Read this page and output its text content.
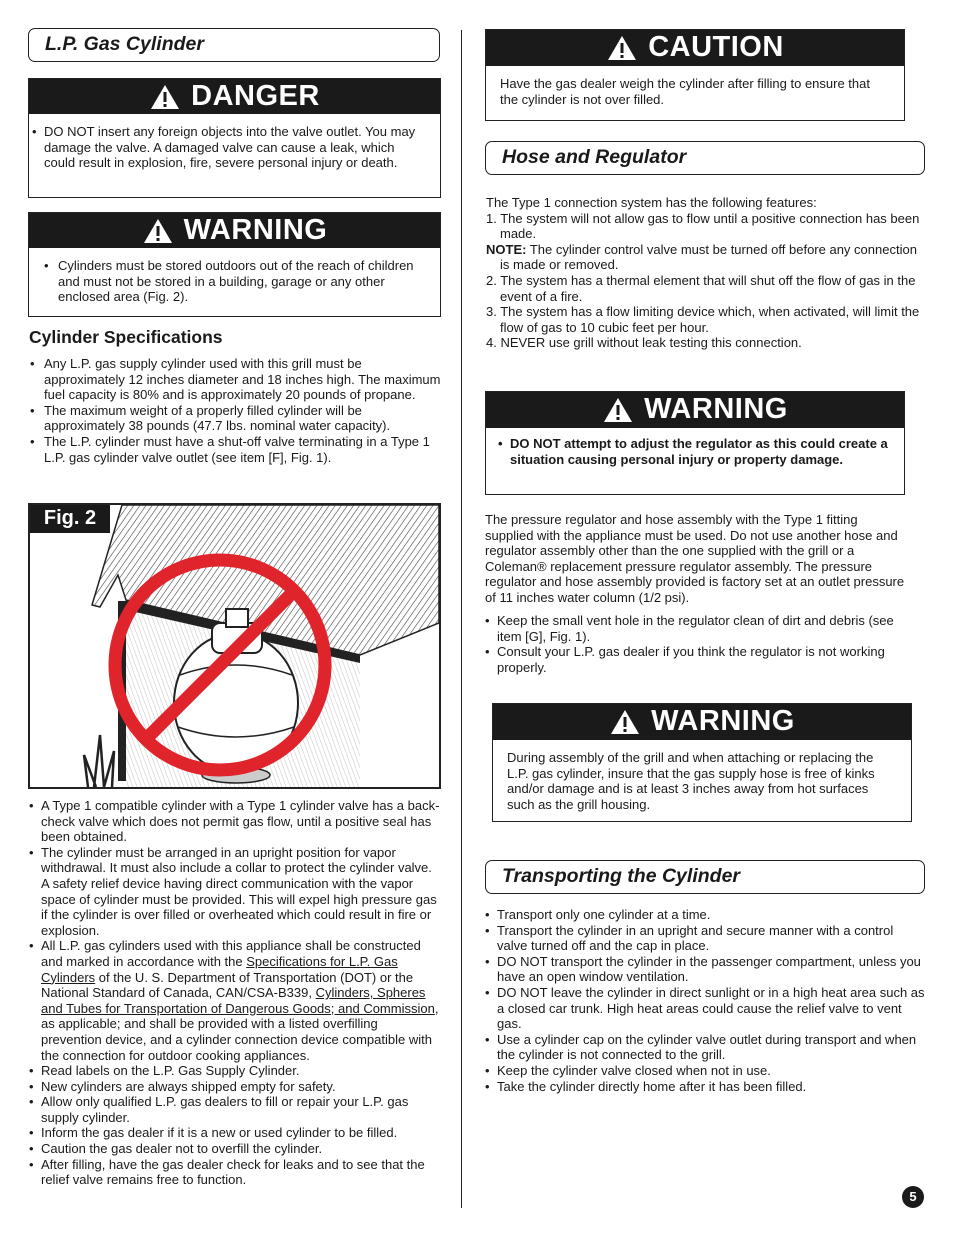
L.P. Gas Cylinder
DANGER
• DO NOT insert any foreign objects into the valve outlet. You may damage the valve. A damaged valve can cause a leak, which could result in explosion, fire, severe personal injury or death.
WARNING
• Cylinders must be stored outdoors out of the reach of children and must not be stored in a building, garage or any other enclosed area (Fig. 2).
Cylinder Specifications
• Any L.P. gas supply cylinder used with this grill must be approximately 12 inches diameter and 18 inches high. The maximum fuel capacity is 80% and is approximately 20 pounds of propane.
• The maximum weight of a properly filled cylinder will be approximately 38 pounds (47.7 lbs. nominal water capacity).
• The L.P. cylinder must have a shut-off valve terminating in a Type 1 L.P. gas cylinder valve outlet (see item [F], Fig. 1).
Fig. 2
• A Type 1 compatible cylinder with a Type 1 cylinder valve has a back-check valve which does not permit gas flow, until a positive seal has been obtained.
• The cylinder must be arranged in an upright position for vapor withdrawal. It must also include a collar to protect the cylinder valve. A safety relief device having direct communication with the vapor space of cylinder must be provided. This will expel high pressure gas if the cylinder is over filled or overheated which could result in fire or explosion.
• All L.P. gas cylinders used with this appliance shall be constructed and marked in accordance with the Specifications for L.P. Gas Cylinders of the U. S. Department of Transportation (DOT) or the National Standard of Canada, CAN/CSA-B339, Cylinders, Spheres and Tubes for Transportation of Dangerous Goods; and Commission, as applicable; and shall be provided with a listed overfilling prevention device, and a cylinder connection device compatible with the connection for outdoor cooking appliances.
• Read labels on the L.P. Gas Supply Cylinder.
• New cylinders are always shipped empty for safety.
• Allow only qualified L.P. gas dealers to fill or repair your L.P. gas supply cylinder.
• Inform the gas dealer if it is a new or used cylinder to be filled.
• Caution the gas dealer not to overfill the cylinder.
• After filling, have the gas dealer check for leaks and to see that the relief valve remains free to function.
CAUTION
Have the gas dealer weigh the cylinder after filling to ensure that the cylinder is not over filled.
Hose and Regulator

The Type 1 connection system has the following features:

1. The system will not allow gas to flow until a positive connection has been made.

NOTE: The cylinder control valve must be turned off before any connection is made or removed.

2. The system has a thermal element that will shut off the flow of gas in the event of a fire.

3. The system has a flow limiting device which, when activated, will limit the flow of gas to 10 cubic feet per hour.

4. NEVER use grill without leak testing this connection.

WARNING
• DO NOT attempt to adjust the regulator as this could create a situation causing personal injury or property damage.
The pressure regulator and hose assembly with the Type 1 fitting supplied with the appliance must be used. Do not use another hose and regulator assembly other than the one supplied with the grill or a Coleman® replacement pressure regulator assembly. The pressure regulator and hose assembly provided is factory set at an outlet pressure of 11 inches water column (1/2 psi).
• Keep the small vent hole in the regulator clean of dirt and debris (see item [G], Fig. 1).
• Consult your L.P. gas dealer if you think the regulator is not working properly.
WARNING
During assembly of the grill and when attaching or replacing the L.P. gas cylinder, insure that the gas supply hose is free of kinks and/or damage and is at least 3 inches away from hot surfaces such as the grill housing.
Transporting the Cylinder
• Transport only one cylinder at a time.
• Transport the cylinder in an upright and secure manner with a control valve turned off and the cap in place.
• DO NOT transport the cylinder in the passenger compartment, unless you have an open window ventilation.
• DO NOT leave the cylinder in direct sunlight or in a high heat area such as a closed car trunk. High heat areas could cause the relief valve to vent gas.
• Use a cylinder cap on the cylinder valve outlet during transport and when the cylinder is not connected to the grill.
• Keep the cylinder valve closed when not in use.
• Take the cylinder directly home after it has been filled.
5
